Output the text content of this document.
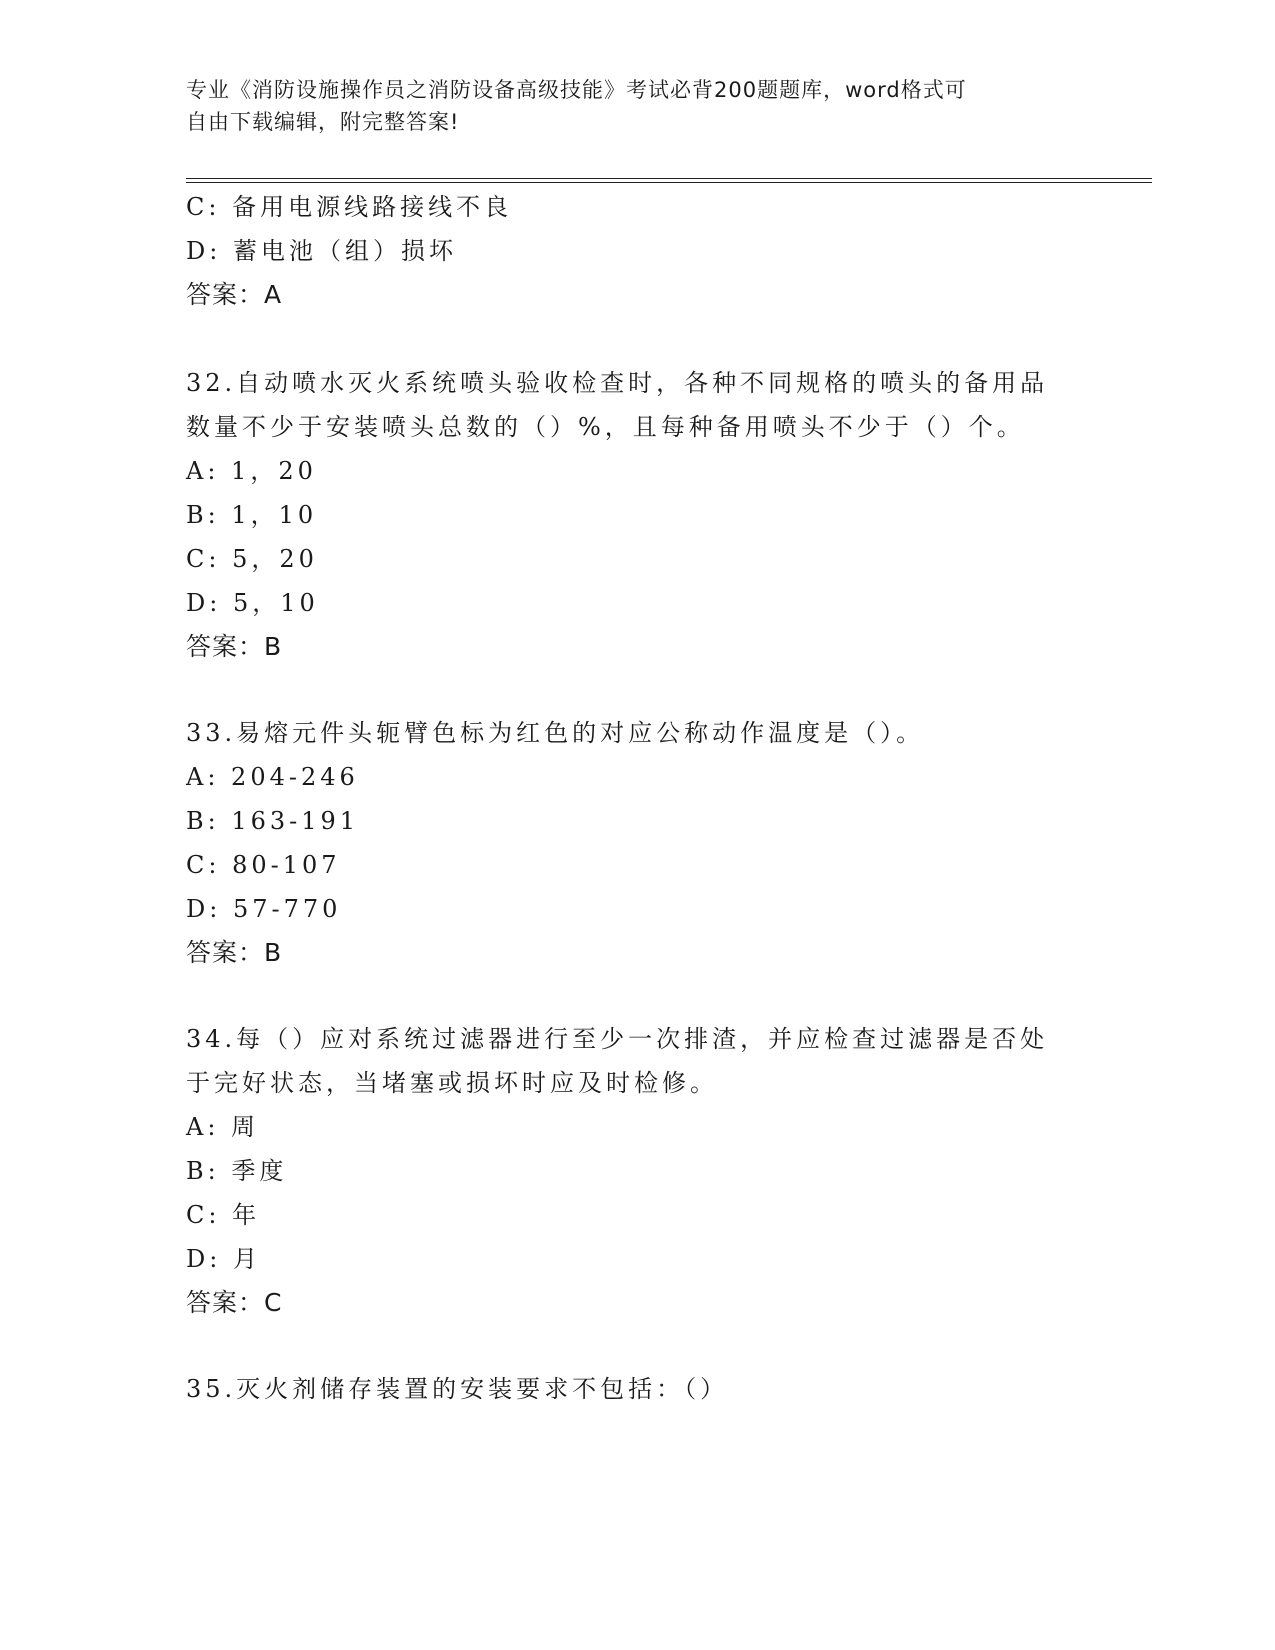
专业《消防设施操作员之消防设备高级技能》考试必背200题题库，word格式可
自由下载编辑，附完整答案!
C: 备用电源线路接线不良
D: 蓄电池（组）损坏
答案：A
32.自动喷水灭火系统喷头验收检查时，各种不同规格的喷头的备用品
数量不少于安装喷头总数的（）%，且每种备用喷头不少于（）个。
A: 1，20
B: 1，10
C: 5，20
D: 5，10
答案：B
33.易熔元件头轭臂色标为红色的对应公称动作温度是（）。
A: 204-246
B: 163-191
C: 80-107
D: 57-770
答案：B
34.每（）应对系统过滤器进行至少一次排渣，并应检查过滤器是否处
于完好状态，当堵塞或损坏时应及时检修。
A: 周
B: 季度
C: 年
D: 月
答案：C
35.灭火剂储存装置的安装要求不包括：（）
